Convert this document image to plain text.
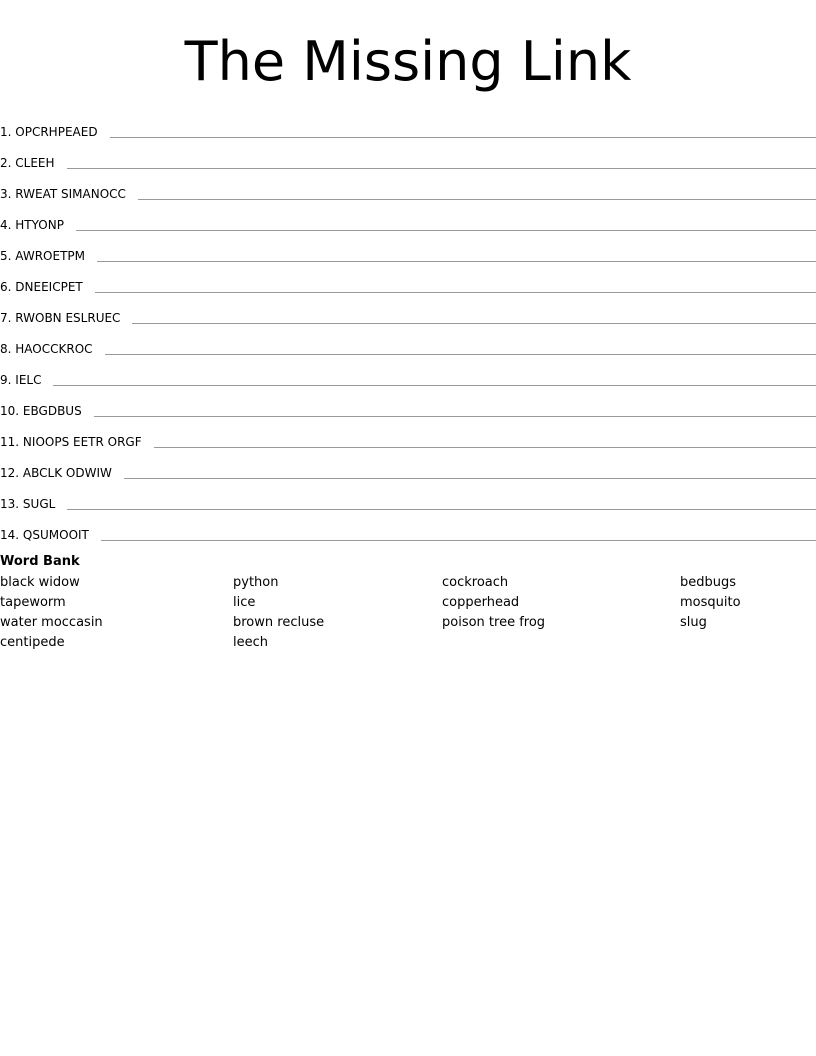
The Missing Link
1. OPCRHPEAED
2. CLEEH
3. RWEAT SIMANOCC
4. HTYONP
5. AWROETPM
6. DNEEICPET
7. RWOBN ESLRUEC
8. HAOCCKROC
9. IELC
10. EBGDBUS
11. NIOOPS EETR ORGF
12. ABCLK ODWIW
13. SUGL
14. QSUMOOIT
Word Bank
black widow
tapeworm
water moccasin
centipede
python
lice
brown recluse
leech
cockroach
copperhead
poison tree frog
bedbugs
mosquito
slug
